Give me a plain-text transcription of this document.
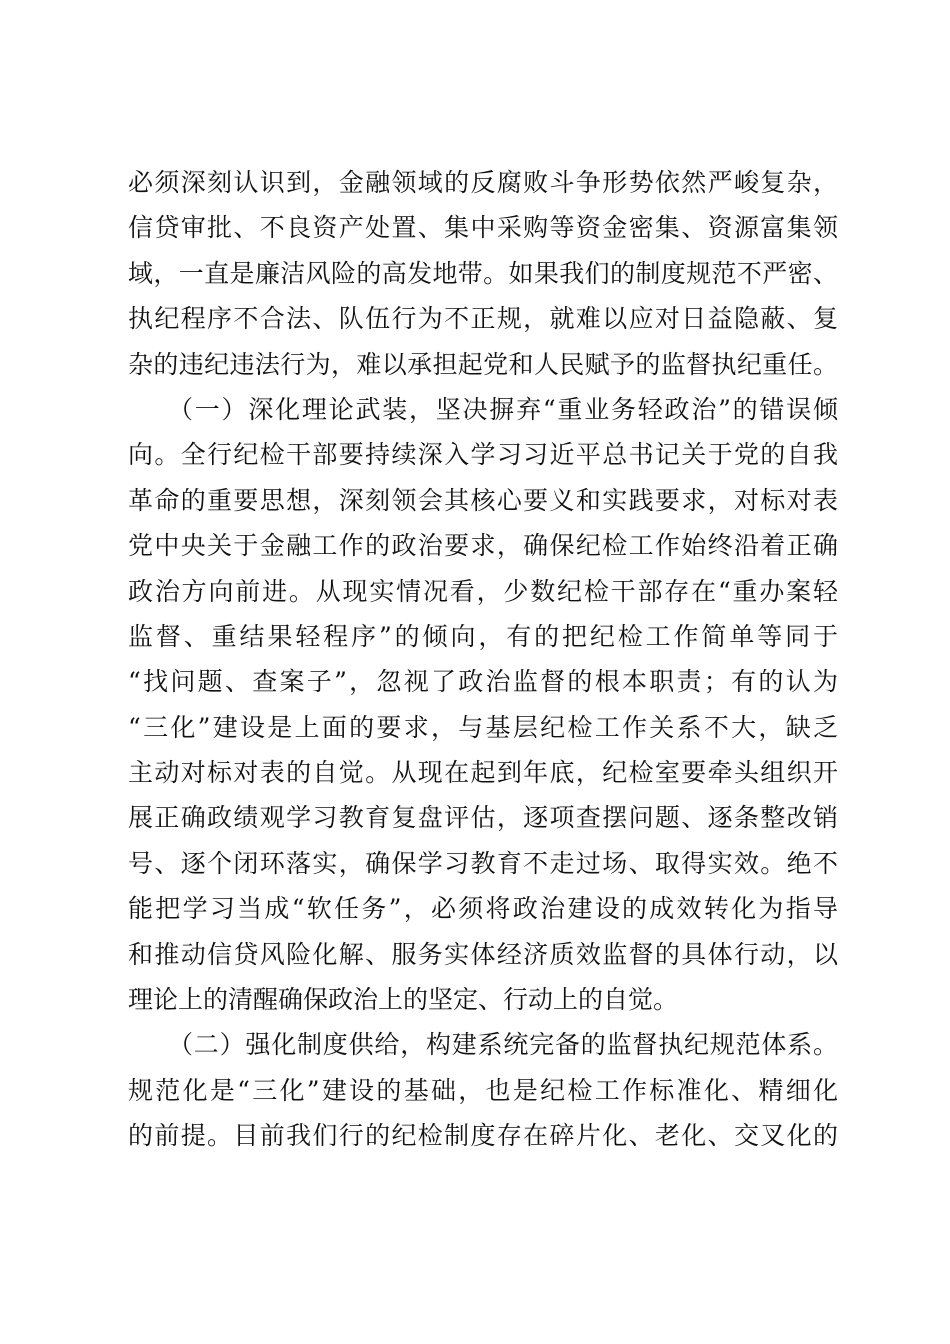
必须深刻认识到，金融领域的反腐败斗争形势依然严峻复杂，
信贷审批、不良资产处置、集中采购等资金密集、资源富集领
域，一直是廉洁风险的高发地带。如果我们的制度规范不严密、
执纪程序不合法、队伍行为不正规，就难以应对日益隐蔽、复
杂的违纪违法行为，难以承担起党和人民赋予的监督执纪重任。
（一）深化理论武装，坚决摒弃“重业务轻政治”的错误倾
向。全行纪检干部要持续深入学习习近平总书记关于党的自我
革命的重要思想，深刻领会其核心要义和实践要求，对标对表
党中央关于金融工作的政治要求，确保纪检工作始终沿着正确
政治方向前进。从现实情况看，少数纪检干部存在“重办案轻
监督、重结果轻程序”的倾向，有的把纪检工作简单等同于
“找问题、查案子”，忽视了政治监督的根本职责；有的认为
“三化”建设是上面的要求，与基层纪检工作关系不大，缺乏
主动对标对表的自觉。从现在起到年底，纪检室要牵头组织开
展正确政绩观学习教育复盘评估，逐项查摆问题、逐条整改销
号、逐个闭环落实，确保学习教育不走过场、取得实效。绝不
能把学习当成“软任务”，必须将政治建设的成效转化为指导
和推动信贷风险化解、服务实体经济质效监督的具体行动，以
理论上的清醒确保政治上的坚定、行动上的自觉。
（二）强化制度供给，构建系统完备的监督执纪规范体系。
规范化是“三化”建设的基础，也是纪检工作标准化、精细化
的前提。目前我们行的纪检制度存在碎片化、老化、交叉化的
